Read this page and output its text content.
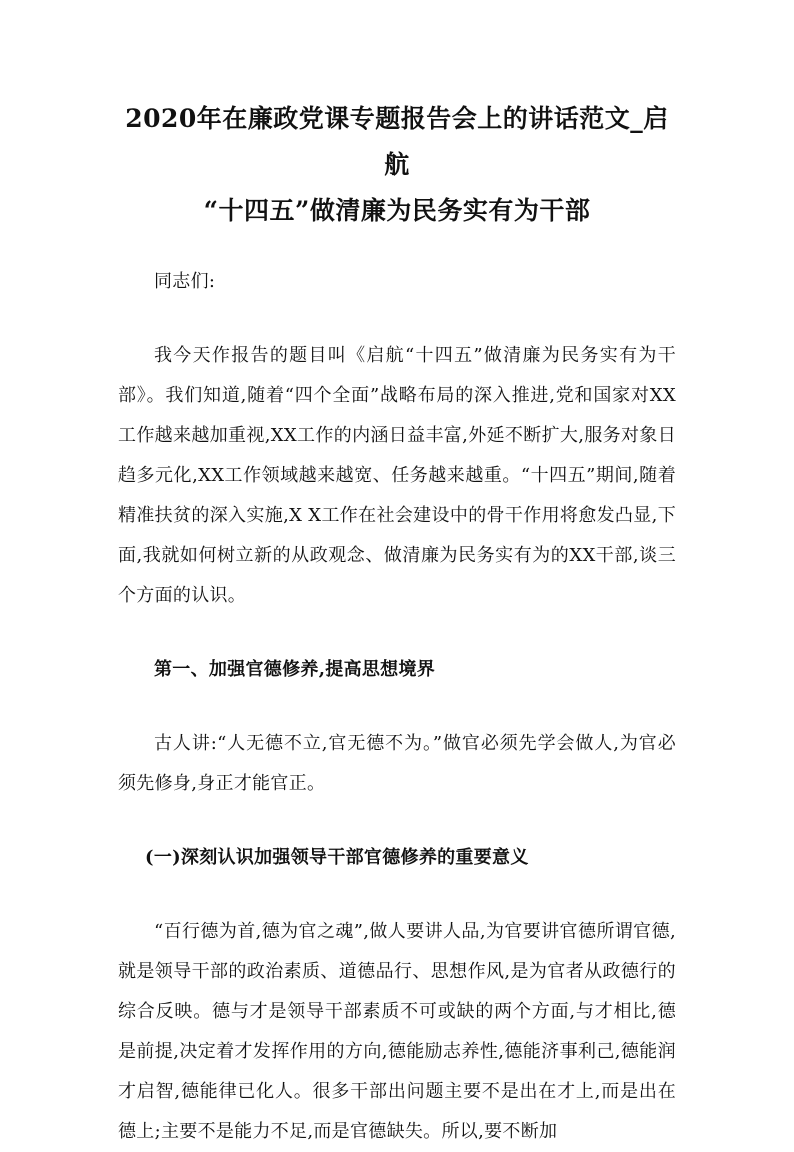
2020年在廉政党课专题报告会上的讲话范文_启航
“十四五”做清廉为民务实有为干部
同志们:
我今天作报告的题目叫《启航“十四五”做清廉为民务实有为干部》。我们知道,随着“四个全面”战略布局的深入推进,党和国家对XX工作越来越加重视,XX工作的内涵日益丰富,外延不断扩大,服务对象日趋多元化,XX工作领域越来越宽、任务越来越重。“十四五”期间,随着精准扶贫的深入实施,X X工作在社会建设中的骨干作用将愈发凸显,下面,我就如何树立新的从政观念、做清廉为民务实有为的XX干部,谈三个方面的认识。
第一、加强官德修养,提高思想境界
古人讲:“人无德不立,官无德不为。”做官必须先学会做人,为官必须先修身,身正才能官正。
(一)深刻认识加强领导干部官德修养的重要意义
“百行德为首,德为官之魂”,做人要讲人品,为官要讲官德所谓官德,就是领导干部的政治素质、道德品行、思想作风,是为官者从政德行的综合反映。德与才是领导干部素质不可或缺的两个方面,与才相比,德是前提,决定着才发挥作用的方向,德能励志养性,德能济事利己,德能润才启智,德能律已化人。很多干部出问题主要不是出在才上,而是出在德上;主要不是能力不足,而是官德缺失。所以,要不断加
